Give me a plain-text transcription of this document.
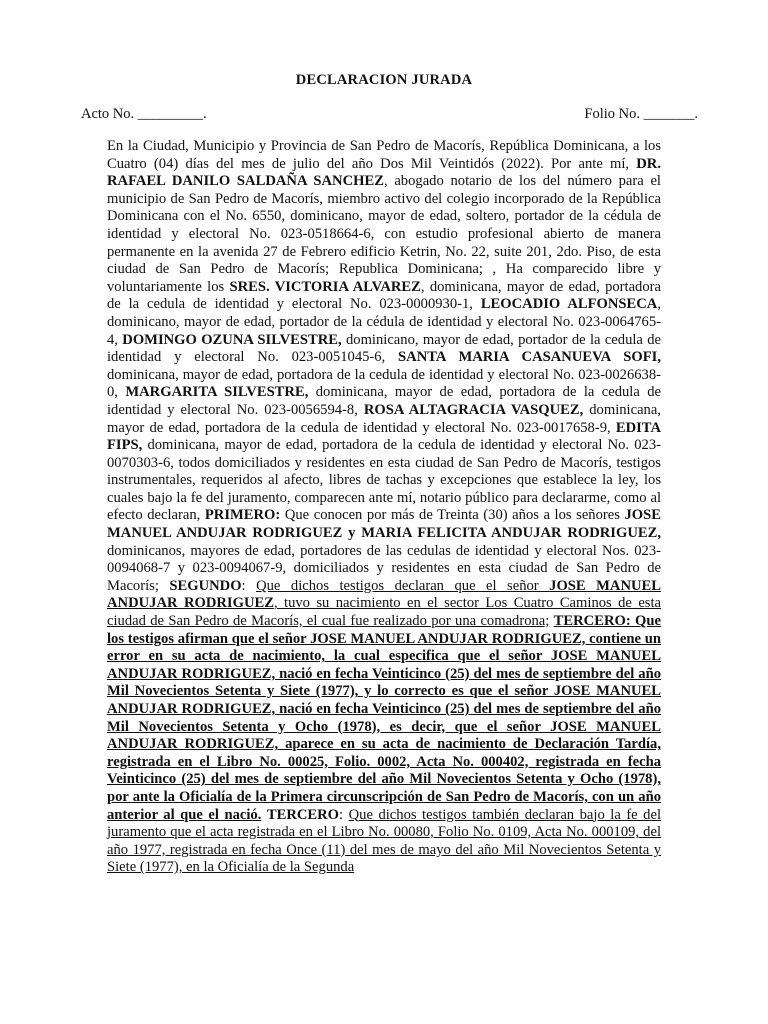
DECLARACION JURADA
Acto No. _________.	Folio No. _______.
En la Ciudad, Municipio y Provincia de San Pedro de Macorís, República Dominicana, a los Cuatro (04) días del mes de julio del año Dos Mil Veintidós (2022). Por ante mí, DR. RAFAEL DANILO SALDAÑA SANCHEZ, abogado notario de los del número para el municipio de San Pedro de Macorís, miembro activo del colegio incorporado de la República Dominicana con el No. 6550, dominicano, mayor de edad, soltero, portador de la cédula de identidad y electoral No. 023-0518664-6, con estudio profesional abierto de manera permanente en la avenida 27 de Febrero edificio Ketrin, No. 22, suite 201, 2do. Piso, de esta ciudad de San Pedro de Macorís; Republica Dominicana; , Ha comparecido libre y voluntariamente los SRES. VICTORIA ALVAREZ, dominicana, mayor de edad, portadora de la cedula de identidad y electoral No. 023-0000930-1, LEOCADIO ALFONSECA, dominicano, mayor de edad, portador de la cédula de identidad y electoral No. 023-0064765-4, DOMINGO OZUNA SILVESTRE, dominicano, mayor de edad, portador de la cedula de identidad y electoral No. 023-0051045-6, SANTA MARIA CASANUEVA SOFI, dominicana, mayor de edad, portadora de la cedula de identidad y electoral No. 023-0026638-0, MARGARITA SILVESTRE, dominicana, mayor de edad, portadora de la cedula de identidad y electoral No. 023-0056594-8, ROSA ALTAGRACIA VASQUEZ, dominicana, mayor de edad, portadora de la cedula de identidad y electoral No. 023-0017658-9, EDITA FIPS, dominicana, mayor de edad, portadora de la cedula de identidad y electoral No. 023-0070303-6, todos domiciliados y residentes en esta ciudad de San Pedro de Macorís, testigos instrumentales, requeridos al afecto, libres de tachas y excepciones que establece la ley, los cuales bajo la fe del juramento, comparecen ante mí, notario público para declararme, como al efecto declaran, PRIMERO: Que conocen por más de Treinta (30) años a los señores JOSE MANUEL ANDUJAR RODRIGUEZ y MARIA FELICITA ANDUJAR RODRIGUEZ, dominicanos, mayores de edad, portadores de las cedulas de identidad y electoral Nos. 023-0094068-7 y 023-0094067-9, domiciliados y residentes en esta ciudad de San Pedro de Macorís; SEGUNDO: Que dichos testigos declaran que el señor JOSE MANUEL ANDUJAR RODRIGUEZ, tuvo su nacimiento en el sector Los Cuatro Caminos de esta ciudad de San Pedro de Macorís, el cual fue realizado por una comadrona; TERCERO: Que los testigos afirman que el señor JOSE MANUEL ANDUJAR RODRIGUEZ, contiene un error en su acta de nacimiento, la cual especifica que el señor JOSE MANUEL ANDUJAR RODRIGUEZ, nació en fecha Veinticinco (25) del mes de septiembre del año Mil Novecientos Setenta y Siete (1977), y lo correcto es que el señor JOSE MANUEL ANDUJAR RODRIGUEZ, nació en fecha Veinticinco (25) del mes de septiembre del año Mil Novecientos Setenta y Ocho (1978), es decir, que el señor JOSE MANUEL ANDUJAR RODRIGUEZ, aparece en su acta de nacimiento de Declaración Tardía, registrada en el Libro No. 00025, Folio. 0002, Acta No. 000402, registrada en fecha Veinticinco (25) del mes de septiembre del año Mil Novecientos Setenta y Ocho (1978), por ante la Oficialía de la Primera circunscripción de San Pedro de Macorís, con un año anterior al que el nació. TERCERO: Que dichos testigos también declaran bajo la fe del juramento que el acta registrada en el Libro No. 00080, Folio No. 0109, Acta No. 000109, del año 1977, registrada en fecha Once (11) del mes de mayo del año Mil Novecientos Setenta y Siete (1977), en la Oficialía de la Segunda
